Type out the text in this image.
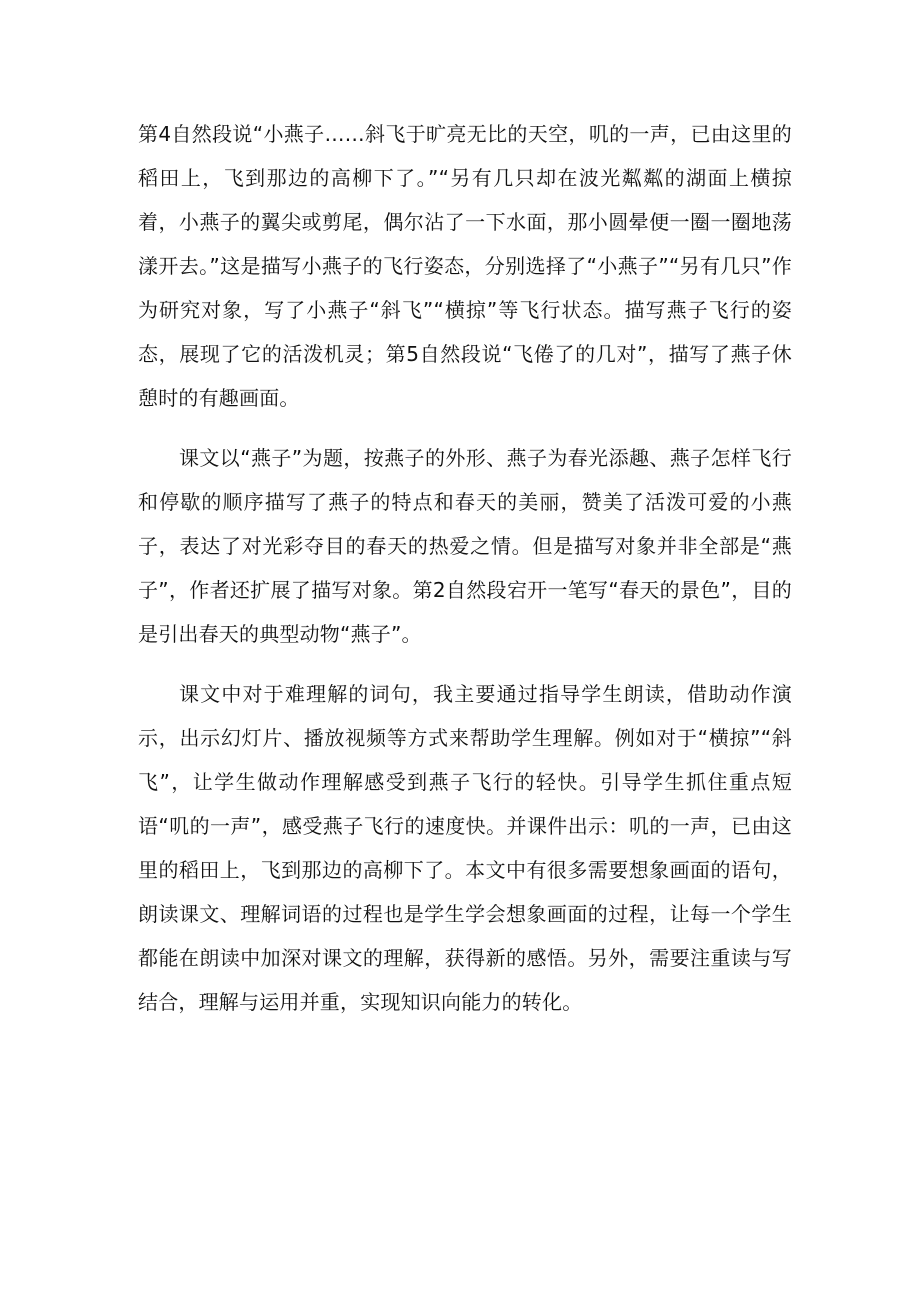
第4自然段说“小燕子……斜飞于旷亮无比的天空，叽的一声，已由这里的稻田上，飞到那边的高柳下了。”“另有几只却在波光粼粼的湖面上横掠着，小燕子的翼尖或剪尾，偶尔沾了一下水面，那小圆晕便一圈一圈地荡漾开去。”这是描写小燕子的飞行姿态，分别选择了“小燕子”“另有几只”作为研究对象，写了小燕子“斜飞”“横掠”等飞行状态。描写燕子飞行的姿态，展现了它的活泼机灵；第5自然段说“飞倦了的几对”，描写了燕子休憩时的有趣画面。

课文以“燕子”为题，按燕子的外形、燕子为春光添趣、燕子怎样飞行和停歇的顺序描写了燕子的特点和春天的美丽，赞美了活泼可爱的小燕子，表达了对光彩夺目的春天的热爱之情。但是描写对象并非全部是“燕子”，作者还扩展了描写对象。第2自然段宕开一笔写“春天的景色”，目的是引出春天的典型动物“燕子”。

课文中对于难理解的词句，我主要通过指导学生朗读，借助动作演示，出示幻灯片、播放视频等方式来帮助学生理解。例如对于“横掠”“斜飞”，让学生做动作理解感受到燕子飞行的轻快。引导学生抓住重点短语“叽的一声”，感受燕子飞行的速度快。并课件出示：叽的一声，已由这里的稻田上，飞到那边的高柳下了。本文中有很多需要想象画面的语句，朗读课文、理解词语的过程也是学生学会想象画面的过程，让每一个学生都能在朗读中加深对课文的理解，获得新的感悟。另外，需要注重读与写结合，理解与运用并重，实现知识向能力的转化。
